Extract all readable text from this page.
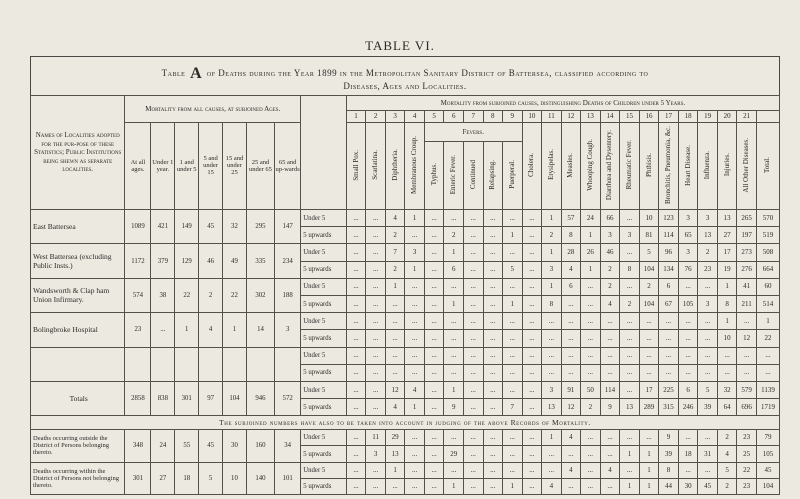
TABLE VI.
Table A of Deaths during the Year 1899 in the Metropolitan Sanitary District of Battersea, classified according to
Diseases, Ages and Localities.
Names of Localities adopted for the pur-pose of these Statistics; Public Institutions being shewn as separate localities.	Mortality from all causes, at subjoined Ages.								Mortality from subjoined causes, distinguishing Deaths of Children under 5 Years.																					
									1	2	3	4	5	6	7	8	9	10	11	12	13	14	15	16	17	18	19	20	21	
	At all ages.	Under 1 year.	1 and under 5	5 and under 15	15 and under 25	25 and under 65	65 and up-wards		Small Pox.	Scarlatina.	Diphtheria.	Membranous Croup.	Fevers.					Cholera.	Erysipelas.	Measles.	Whooping Cough.	Diarrhœa and Dysentery.	Rheumatic Fever.	Phthisis.	Bronchitis, Pneumonia, &c.	Heart Disease.	Influenza.	Injuries.	All Other Diseases.	Total.
													Typhus.	Enteric Fever.	Continued	Relapsing.	Puerperal.													
East Battersea	1089	421	149	45	32	295	147	Under 5	...	...	4	1	...	...	...	...	...	...	1	57	24	66	...	10	123	3	3	13	265	570
								5 upwards	...	...	2	...	...	2	...	...	1	...	2	8	1	3	3	81	114	65	13	27	197	519
West Battersea (excluding Public Insts.)	1172	379	129	46	49	335	234	Under 5	...	...	7	3	...	1	...	...	...	...	1	28	26	46	...	5	96	3	2	17	273	508
								5 upwards	...	...	2	1	...	6	...	...	5	...	3	4	1	2	8	104	134	76	23	19	276	664
Wandsworth & Clap ham Union Infirmary.	574	38	22	2	22	302	188	Under 5	...	...	1	...	...	...	...	...	...	...	1	6	...	2	...	2	6	...	...	1	41	60
								5 upwards	...	...	...	...	...	1	...	...	1	...	8	...	...	4	2	104	67	105	3	8	211	514
Bolingbroke Hospital	23	...	1	4	1	14	3	Under 5	...	...	...	...	...	...	...	...	...	...	...	...	...	...	...	...	...	...	...	1	...	1
								5 upwards	...	...	...	...	...	...	...	...	...	...	...	...	...	...	...	...	...	...	...	10	12	22
								Under 5	...	...	...	...	...	...	...	...	...	...	...	...	...	...	...	...	...	...	...	...	...	...
								5 upwards	...	...	...	...	...	...	...	...	...	...	...	...	...	...	...	...	...	...	...	...	...	...
Totals	2858	838	301	97	104	946	572	Under 5	...	...	12	4	...	1	...	...	...	...	3	91	50	114	...	17	225	6	5	32	579	1139
								5 upwards	...	...	4	1	...	9	...	...	7	...	13	12	2	9	13	289	315	246	39	64	696	1719
The subjoined numbers have also to be taken into account in judging of the above Records of Mortality.																														
Deaths occurring outside the District of Persons belonging thereto.	348	24	55	45	30	160	34	Under 5	...	11	29	...	...	...	...	...	...	...	1	4	...	...	...	...	9	...	...	2	23	79
								5 upwards	...	3	13	...	...	29	...	...	...	...	...	...	...	...	1	1	39	18	31	4	25	105
Deaths occurring within the District of Persons not belonging thereto.	301	27	18	5	10	140	101	Under 5	...	...	1	...	...	...	...	...	...	...	...	4	...	4	...	1	8	...	...	5	22	45
								5 upwards	...	...	...	...	...	1	...	...	1	...	4	...	...	...	1	1	44	30	45	2	23	104
